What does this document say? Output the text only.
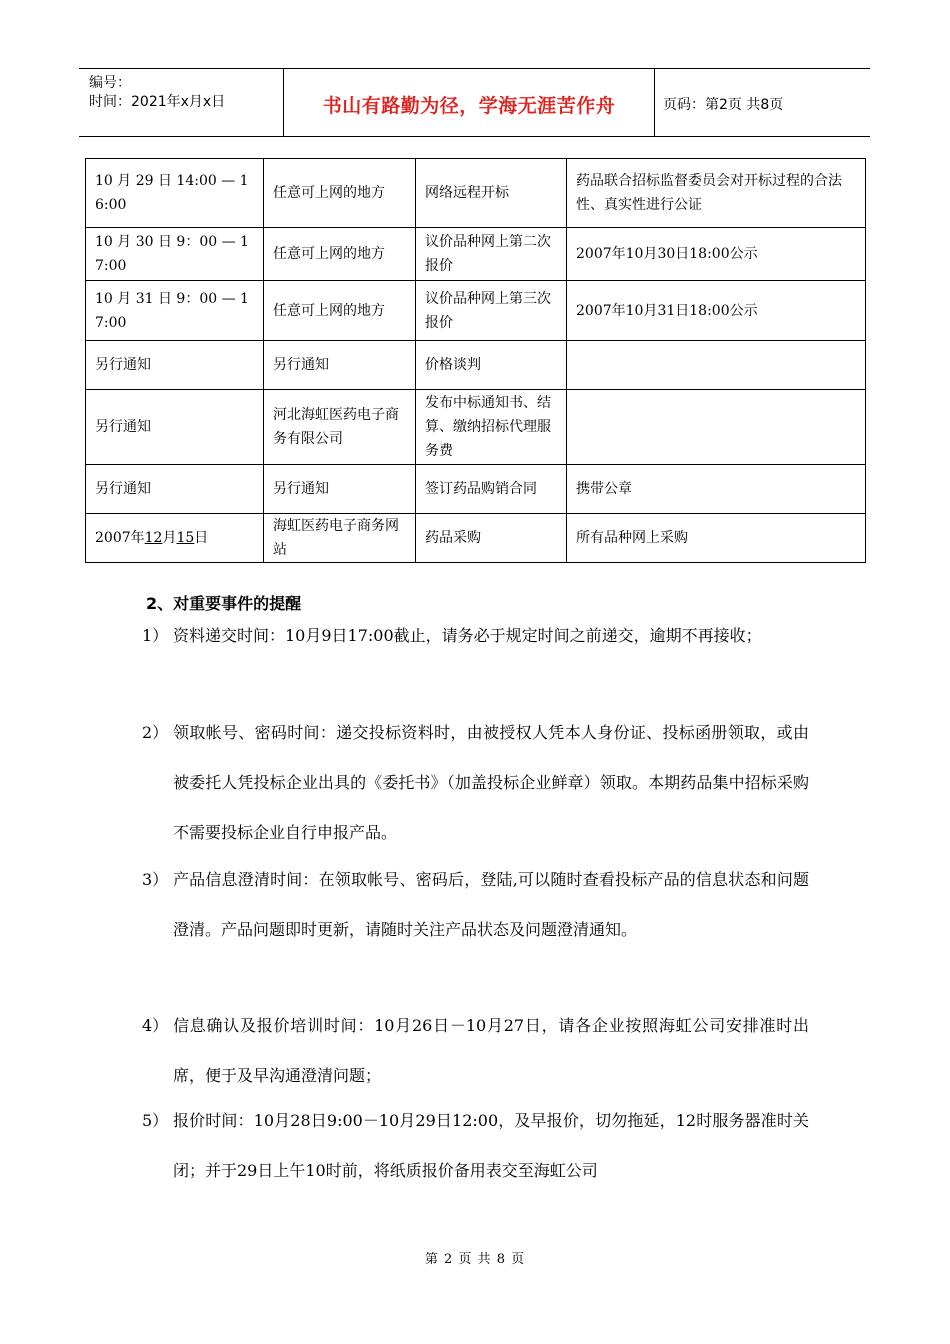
编号：
时间：2021年x月x日	书山有路勤为径，学海无涯苦作舟	页码：第2页 共8页
10 月 29 日 14:00 — 16:00	任意可上网的地方	网络远程开标	药品联合招标监督委员会对开标过程的合法性、真实性进行公证
10 月 30 日 9：00 — 17:00	任意可上网的地方	议价品种网上第二次报价	2007年10月30日18:00公示
10 月 31 日 9：00 — 17:00	任意可上网的地方	议价品种网上第三次报价	2007年10月31日18:00公示
另行通知	另行通知	价格谈判	
另行通知	河北海虹医药电子商务有限公司	发布中标通知书、结算、缴纳招标代理服务费	
另行通知	另行通知	签订药品购销合同	携带公章
2007年12月15日	海虹医药电子商务网站	药品采购	所有品种网上采购
2、对重要事件的提醒
1） 资料递交时间：10月9日17:00截止，请务必于规定时间之前递交，逾期不再接收；
2） 领取帐号、密码时间：递交投标资料时，由被授权人凭本人身份证、投标函册领取，或由被委托人凭投标企业出具的《委托书》（加盖投标企业鲜章）领取。本期药品集中招标采购不需要投标企业自行申报产品。
3） 产品信息澄清时间：在领取帐号、密码后，登陆,可以随时查看投标产品的信息状态和问题澄清。产品问题即时更新，请随时关注产品状态及问题澄清通知。
4） 信息确认及报价培训时间：10月26日－10月27日，请各企业按照海虹公司安排准时出席，便于及早沟通澄清问题；
5） 报价时间：10月28日9:00－10月29日12:00，及早报价，切勿拖延，12时服务器准时关闭；并于29日上午10时前，将纸质报价备用表交至海虹公司
第 2 页 共 8 页
